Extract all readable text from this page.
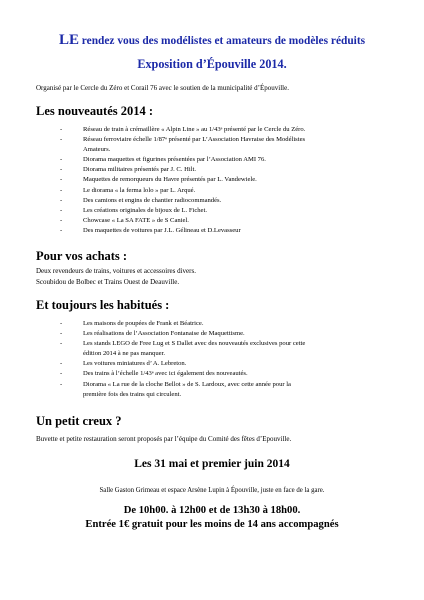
LE rendez vous des modélistes et amateurs de modèles réduits
Exposition d’Épouville 2014.
Organisé par le Cercle du Zéro et Corail 76 avec le soutien de la municipalité d’Épouville.
Les nouveautés 2014 :
-	Réseau de train à crémaillère « Alpin Line » au 1/43ᵉ présenté par le Cercle du Zéro.
-	Réseau ferroviaire échelle 1/87ᵉ présenté par L’Association Havraise des Modélistes
Amateurs.
-	Diorama maquettes et figurines présentées par l’Association AMI 76.
-	Diorama militaires présentés par J. C. Hilt.
-	Maquettes de remorqueurs du Havre présentés par L. Vandewiele.
-	Le diorama « la ferma lolo » par L. Arqué.
-	Des camions et engins de chantier radiocommandés.
-	Les créations originales de bijoux de L. Fichet.
-	Chowcase « La SA FATE » de S Caniel.
-	Des maquettes de voitures par J.L. Gélineau et D.Levasseur
Pour vos achats :
Deux revendeurs de trains, voitures et accessoires divers.
Scoubidou de Bolbec et Trains Ouest de Deauville.
Et toujours les habitués :
-	Les maisons de poupées de Frank et Béatrice.
-	Les réalisations de l’Association Fontanaise de Maquettisme.
-	Les stands LEGO de Free Lug et S Dallet avec des nouveautés exclusives pour cette
édition 2014 à ne pas manquer.
-	Les voitures miniatures d’ A. Lebreton.
-	Des trains à l’échelle 1/43ᵉ avec ici également des nouveautés.
-	Diorama « La rue de la cloche Bellot » de S. Lardoux, avec cette année pour la
première fois des trains qui circulent.
Un petit creux ?
Buvette et petite restauration seront proposés par l’équipe du Comité des fêtes d’Epouville.
Les 31 mai et premier juin 2014
Salle Gaston Grimeau et espace Arsène Lupin à Épouville, juste en face de la gare.
De 10h00. à 12h00 et de 13h30 à 18h00.
Entrée 1€ gratuit pour les moins de 14 ans accompagnés
